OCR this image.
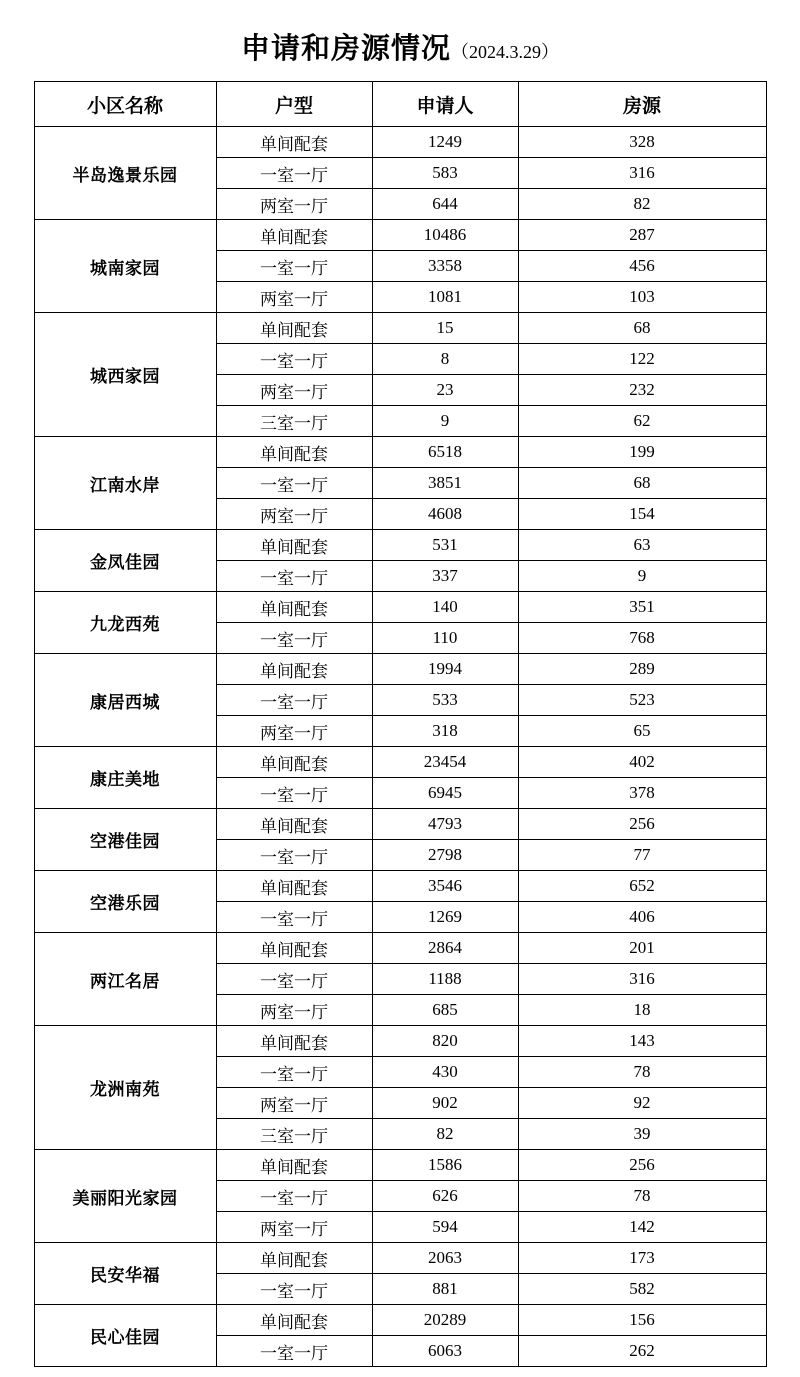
申请和房源情况（2024.3.29）
小区名称	户型	申请人	房源
半岛逸景乐园	单间配套	1249	328
	一室一厅	583	316
	两室一厅	644	82
城南家园	单间配套	10486	287
	一室一厅	3358	456
	两室一厅	1081	103
城西家园	单间配套	15	68
	一室一厅	8	122
	两室一厅	23	232
	三室一厅	9	62
江南水岸	单间配套	6518	199
	一室一厅	3851	68
	两室一厅	4608	154
金凤佳园	单间配套	531	63
	一室一厅	337	9
九龙西苑	单间配套	140	351
	一室一厅	110	768
康居西城	单间配套	1994	289
	一室一厅	533	523
	两室一厅	318	65
康庄美地	单间配套	23454	402
	一室一厅	6945	378
空港佳园	单间配套	4793	256
	一室一厅	2798	77
空港乐园	单间配套	3546	652
	一室一厅	1269	406
两江名居	单间配套	2864	201
	一室一厅	1188	316
	两室一厅	685	18
龙洲南苑	单间配套	820	143
	一室一厅	430	78
	两室一厅	902	92
	三室一厅	82	39
美丽阳光家园	单间配套	1586	256
	一室一厅	626	78
	两室一厅	594	142
民安华福	单间配套	2063	173
	一室一厅	881	582
民心佳园	单间配套	20289	156
	一室一厅	6063	262
